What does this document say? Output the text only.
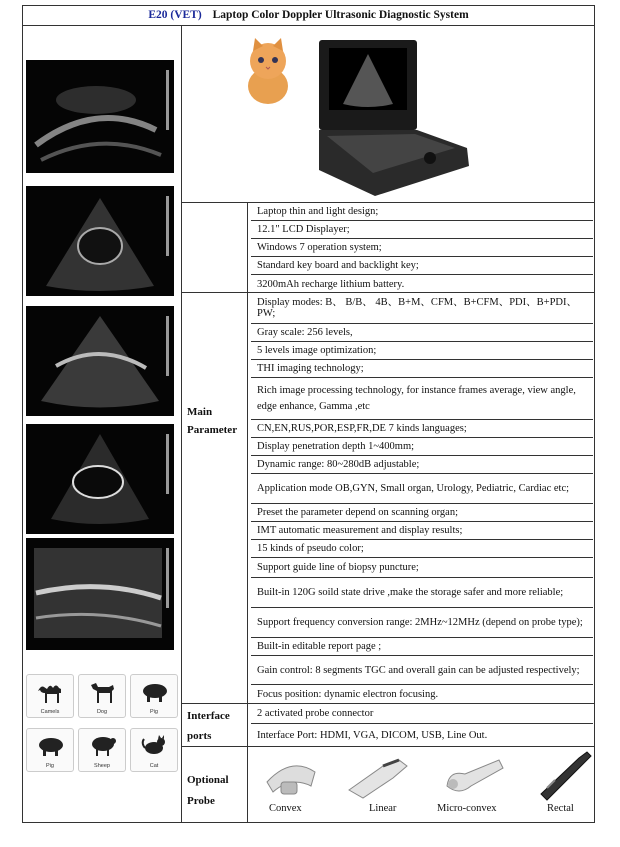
E20 (VET) Laptop Color Doppler Ultrasonic Diagnostic System
Camels	Dog	Pig
Pig	Sheep	Cat
Laptop thin and light design;
12.1" LCD Displayer;
Windows 7 operation system;
Standard key board and backlight key;
3200mAh recharge lithium battery.
Main
Parameter
Display modes: B、 B/B、 4B、B+M、CFM、B+CFM、PDI、B+PDI、PW;
Gray scale: 256 levels,
5 levels image optimization;
THI imaging technology;
Rich image processing technology, for instance frames average, view angle, edge enhance, Gamma ,etc
CN,EN,RUS,POR,ESP,FR,DE 7 kinds languages;
Display penetration depth 1~400mm;
Dynamic range: 80~280dB adjustable;
Application mode OB,GYN, Small organ, Urology, Pediatric, Cardiac etc;
Preset the parameter depend on scanning organ;
IMT automatic measurement and display results;
15 kinds of pseudo color;
Support guide line of biopsy puncture;
Built-in 120G soild state drive ,make the storage safer and more reliable;
Support frequency conversion range: 2MHz~12MHz (depend on probe type);
Built-in editable report page ;
Gain control: 8 segments TGC and overall gain can be adjusted respectively;
Focus position: dynamic electron focusing.
Interface
ports
2 activated probe connector
Interface Port: HDMI, VGA, DICOM, USB, Line Out.
Optional
Probe
Convex	Linear	Micro-convex	Rectal
